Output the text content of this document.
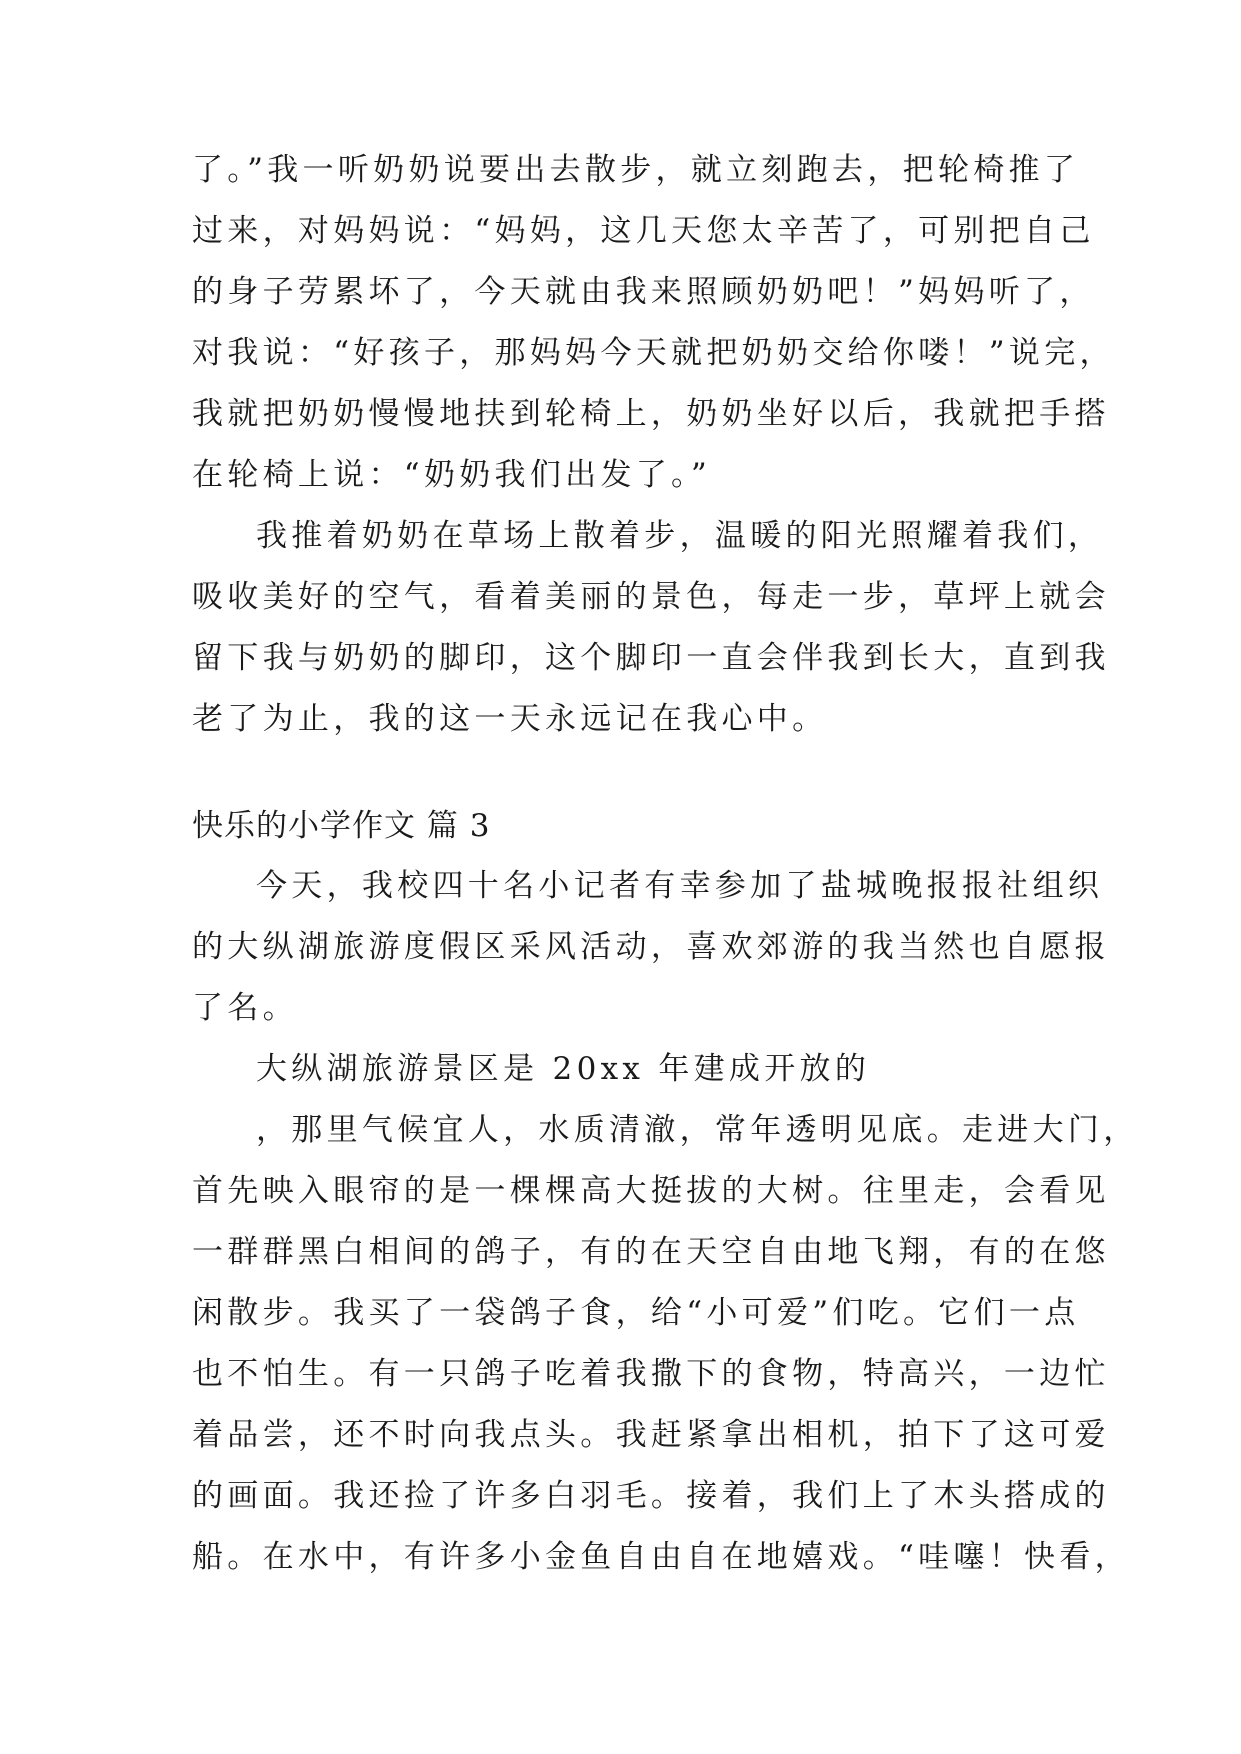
了。”我一听奶奶说要出去散步，就立刻跑去，把轮椅推了
过来，对妈妈说：“妈妈，这几天您太辛苦了，可别把自己
的身子劳累坏了，今天就由我来照顾奶奶吧！”妈妈听了，
对我说：“好孩子，那妈妈今天就把奶奶交给你喽！”说完，
我就把奶奶慢慢地扶到轮椅上，奶奶坐好以后，我就把手搭
在轮椅上说：“奶奶我们出发了。”
我推着奶奶在草场上散着步，温暖的阳光照耀着我们，
吸收美好的空气，看着美丽的景色，每走一步，草坪上就会
留下我与奶奶的脚印，这个脚印一直会伴我到长大，直到我
老了为止，我的这一天永远记在我心中。
快乐的小学作文 篇 3
今天，我校四十名小记者有幸参加了盐城晚报报社组织
的大纵湖旅游度假区采风活动，喜欢郊游的我当然也自愿报
了名。
大纵湖旅游景区是 20xx 年建成开放的
，那里气候宜人，水质清澈，常年透明见底。走进大门，
首先映入眼帘的是一棵棵高大挺拔的大树。往里走，会看见
一群群黑白相间的鸽子，有的在天空自由地飞翔，有的在悠
闲散步。我买了一袋鸽子食，给“小可爱”们吃。它们一点
也不怕生。有一只鸽子吃着我撒下的食物，特高兴，一边忙
着品尝，还不时向我点头。我赶紧拿出相机，拍下了这可爱
的画面。我还捡了许多白羽毛。接着，我们上了木头搭成的
船。在水中，有许多小金鱼自由自在地嬉戏。“哇噻！快看，
